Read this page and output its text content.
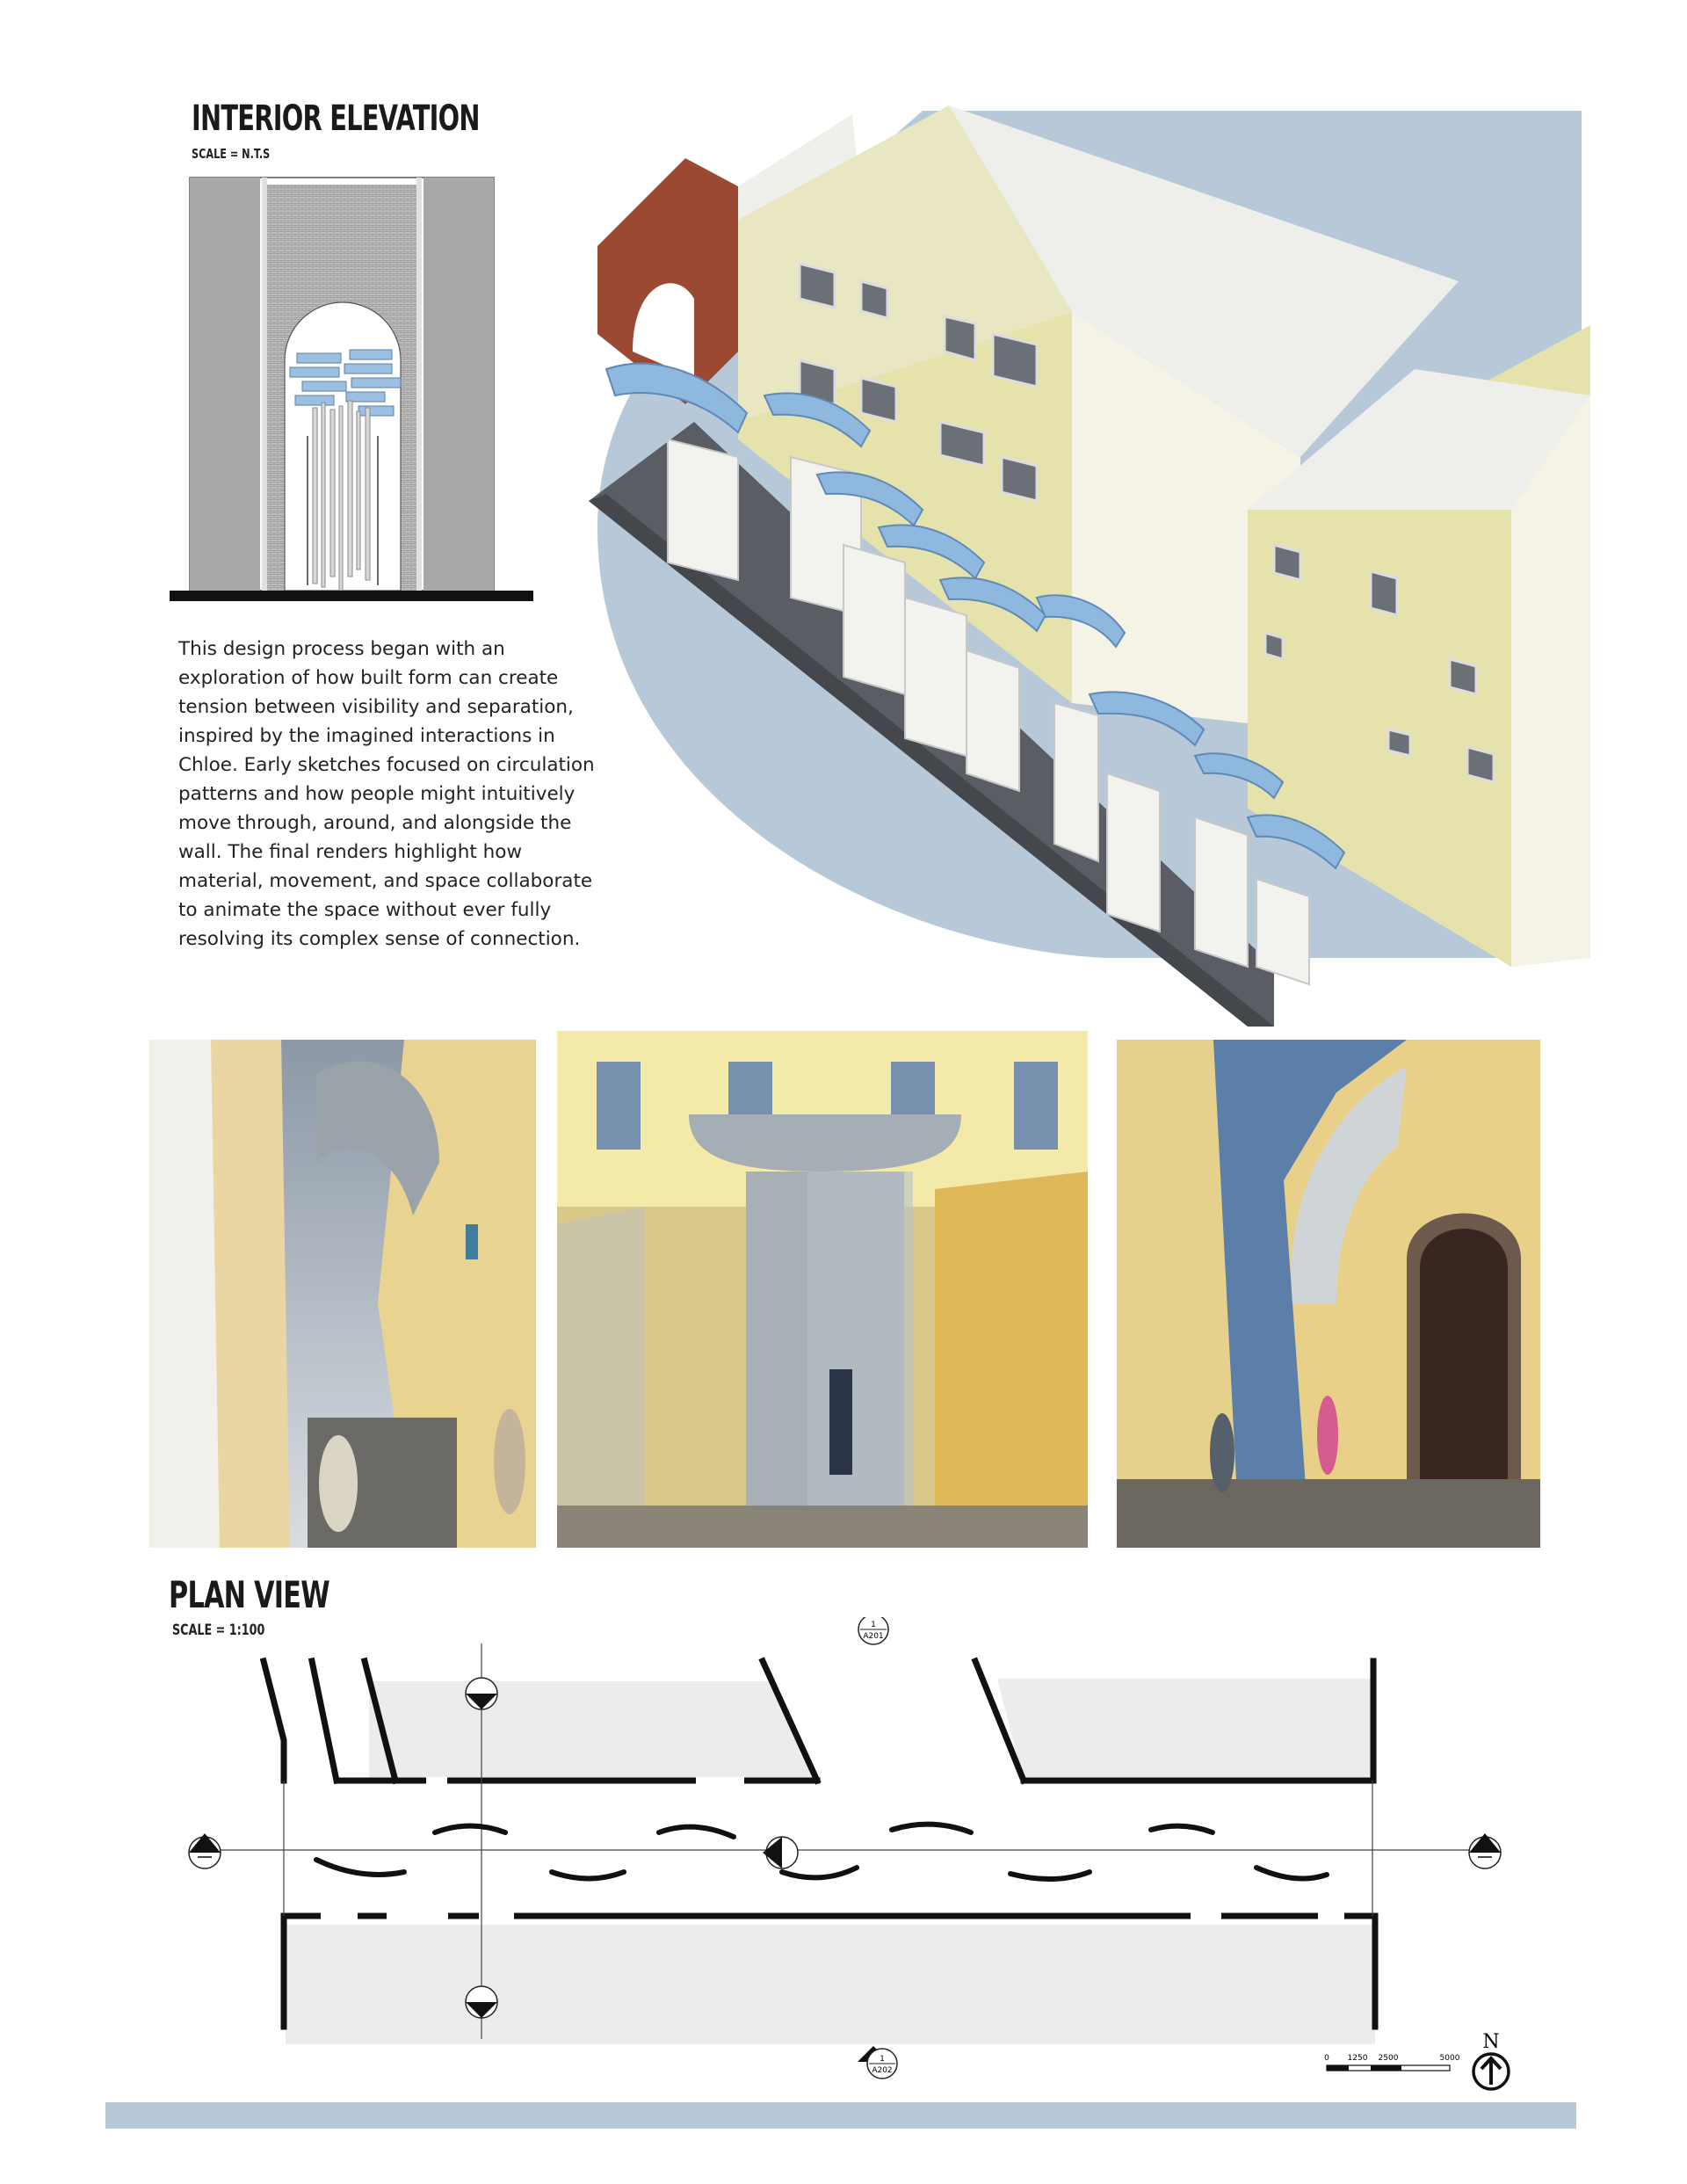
INTERIOR ELEVATION
SCALE = N.T.S
This design process began with an
exploration of how built form can create
tension between visibility and separation,
inspired by the imagined interactions in
Chloe. Early sketches focused on circulation
patterns and how people might intuitively
move through, around, and alongside the
wall. The final renders highlight how
material, movement, and space collaborate
to animate the space without ever fully
resolving its complex sense of connection.
PLAN VIEW
SCALE = 1:100	1
A201
1
A202
0 1250 2500	5000
N
